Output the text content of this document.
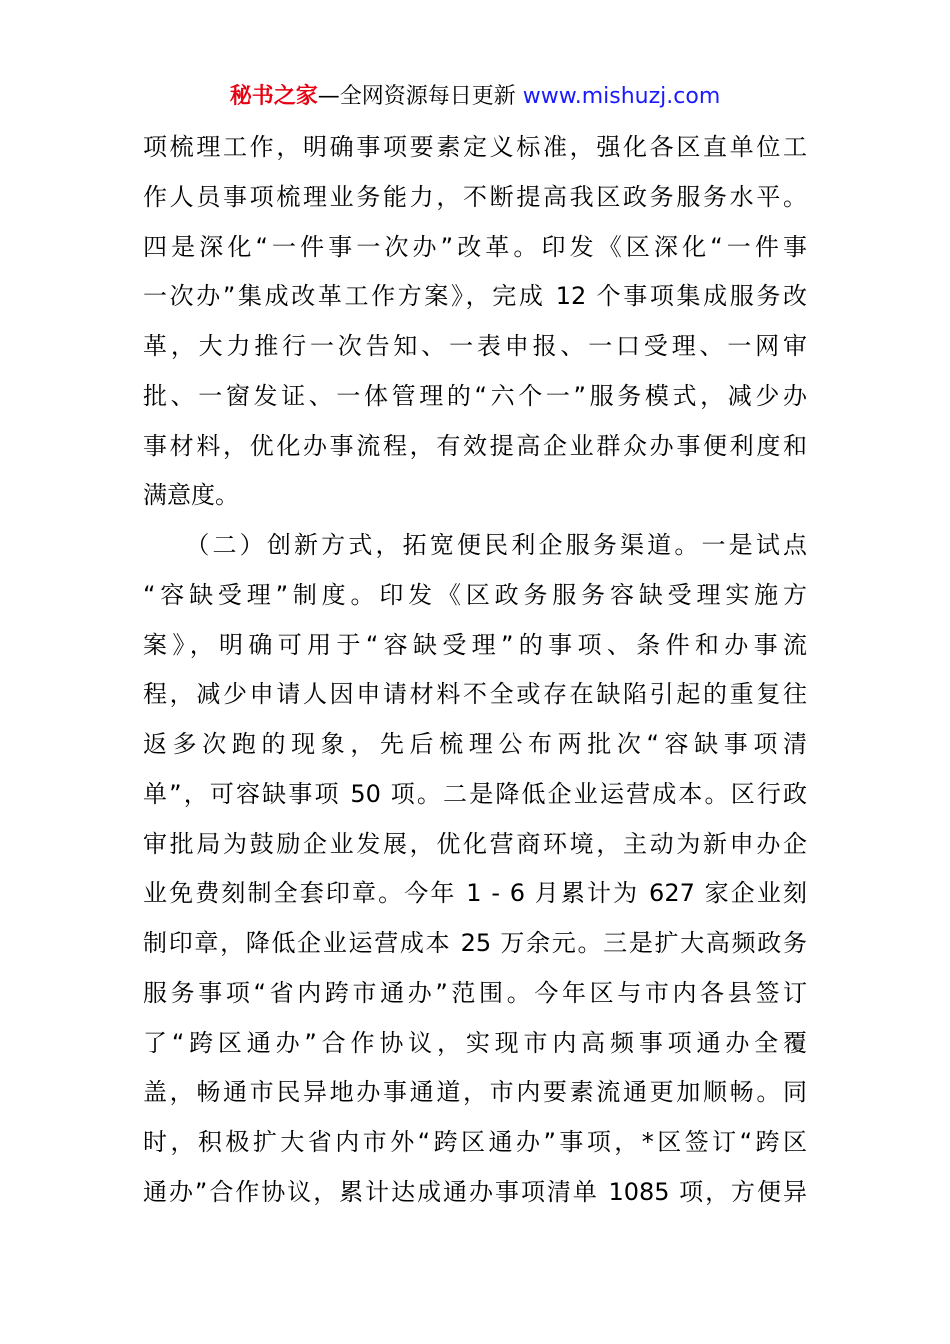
秘书之家—全网资源每日更新 www.mishuzj.com
项梳理工作，明确事项要素定义标准，强化各区直单位工
作人员事项梳理业务能力，不断提高我区政务服务水平。
四是深化“一件事一次办”改革。印发《区深化“一件事
一次办”集成改革工作方案》，完成 12 个事项集成服务改
革，大力推行一次告知、一表申报、一口受理、一网审
批、一窗发证、一体管理的“六个一”服务模式，减少办
事材料，优化办事流程，有效提高企业群众办事便利度和
满意度。
　　（二）创新方式，拓宽便民利企服务渠道。一是试点
“容缺受理”制度。印发《区政务服务容缺受理实施方
案》，明确可用于“容缺受理”的事项、条件和办事流
程，减少申请人因申请材料不全或存在缺陷引起的重复往
返多次跑的现象，先后梳理公布两批次“容缺事项清
单”，可容缺事项 50 项。二是降低企业运营成本。区行政
审批局为鼓励企业发展，优化营商环境，主动为新申办企
业免费刻制全套印章。今年 1 - 6 月累计为 627 家企业刻
制印章，降低企业运营成本 25 万余元。三是扩大高频政务
服务事项“省内跨市通办”范围。今年区与市内各县签订
了“跨区通办”合作协议，实现市内高频事项通办全覆
盖，畅通市民异地办事通道，市内要素流通更加顺畅。同
时，积极扩大省内市外“跨区通办”事项，*区签订“跨区
通办”合作协议，累计达成通办事项清单 1085 项，方便异
